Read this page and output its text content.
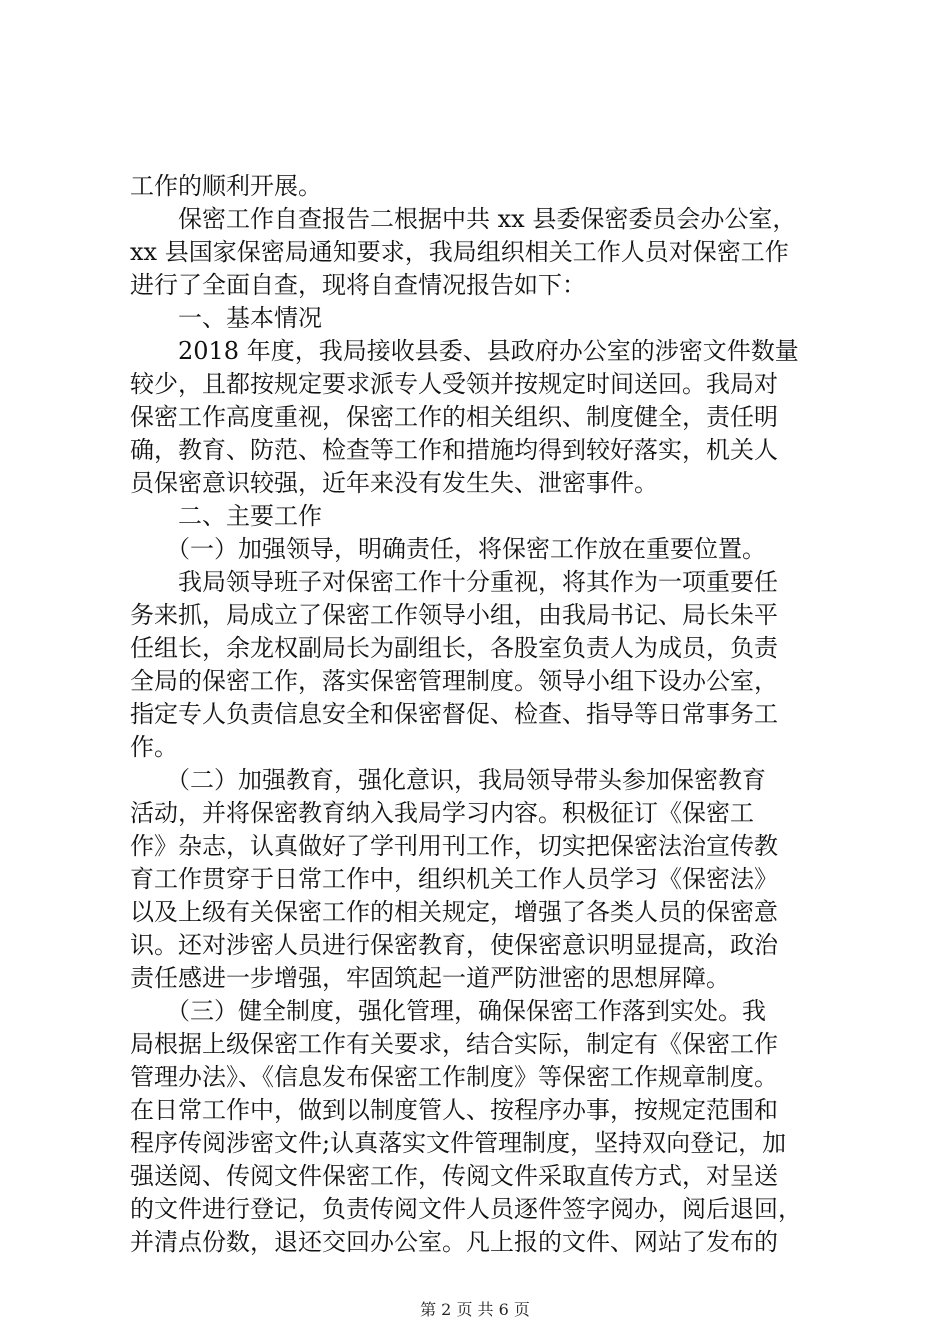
工作的顺利开展。
　　保密工作自查报告二根据中共 xx 县委保密委员会办公室，
xx 县国家保密局通知要求，我局组织相关工作人员对保密工作
进行了全面自查，现将自查情况报告如下：
　　一、基本情况
　　2018 年度，我局接收县委、县政府办公室的涉密文件数量
较少，且都按规定要求派专人受领并按规定时间送回。我局对
保密工作高度重视，保密工作的相关组织、制度健全，责任明
确，教育、防范、检查等工作和措施均得到较好落实，机关人
员保密意识较强，近年来没有发生失、泄密事件。
　　二、主要工作
　　（一）加强领导，明确责任，将保密工作放在重要位置。
　　我局领导班子对保密工作十分重视，将其作为一项重要任
务来抓，局成立了保密工作领导小组，由我局书记、局长朱平
任组长，余龙权副局长为副组长，各股室负责人为成员，负责
全局的保密工作，落实保密管理制度。领导小组下设办公室，
指定专人负责信息安全和保密督促、检查、指导等日常事务工
作。
　　（二）加强教育，强化意识，我局领导带头参加保密教育
活动，并将保密教育纳入我局学习内容。积极征订《保密工
作》杂志，认真做好了学刊用刊工作，切实把保密法治宣传教
育工作贯穿于日常工作中，组织机关工作人员学习《保密法》
以及上级有关保密工作的相关规定，增强了各类人员的保密意
识。还对涉密人员进行保密教育，使保密意识明显提高，政治
责任感进一步增强，牢固筑起一道严防泄密的思想屏障。
　　（三）健全制度，强化管理，确保保密工作落到实处。我
局根据上级保密工作有关要求，结合实际，制定有《保密工作
管理办法》、《信息发布保密工作制度》等保密工作规章制度。
在日常工作中，做到以制度管人、按程序办事，按规定范围和
程序传阅涉密文件;认真落实文件管理制度，坚持双向登记，加
强送阅、传阅文件保密工作，传阅文件采取直传方式，对呈送
的文件进行登记，负责传阅文件人员逐件签字阅办，阅后退回，
并清点份数，退还交回办公室。凡上报的文件、网站了发布的
第 2 页 共 6 页
